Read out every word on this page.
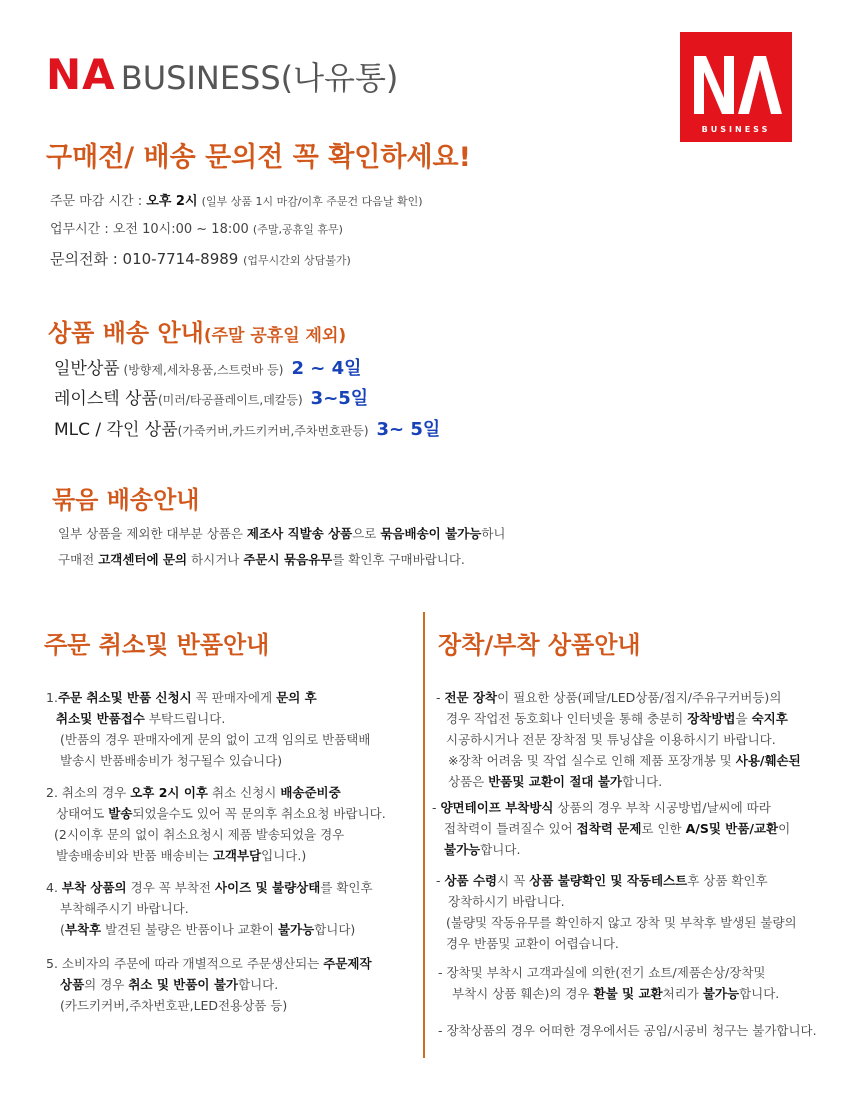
NA BUSINESS(나유통)
BUSINESS
구매전/ 배송 문의전 꼭 확인하세요!
주문 마감 시간 : 오후 2시 (일부 상품 1시 마감/이후 주문건 다음날 확인)
업무시간 : 오전 10시:00 ~ 18:00 (주말,공휴일 휴무)
문의전화 : 010-7714-8989 (업무시간외 상담불가)
상품 배송 안내(주말 공휴일 제외)
일반상품 (방향제,세차용품,스트럿바 등) 2 ~ 4일
레이스텍 상품(미러/타공플레이트,데칼등) 3~5일
MLC / 각인 상품(가죽커버,카드키커버,주차번호판등) 3~ 5일
묶음 배송안내
일부 상품을 제외한 대부분 상품은 제조사 직발송 상품으로 묶음배송이 불가능하니
구매전 고객센터에 문의 하시거나 주문시 묶음유무를 확인후 구매바랍니다.
주문 취소및 반품안내
1.주문 취소및 반품 신청시 꼭 판매자에게 문의 후
취소및 반품접수 부탁드립니다.
(반품의 경우 판매자에게 문의 없이 고객 임의로 반품택배
발송시 반품배송비가 청구될수 있습니다)
2. 취소의 경우 오후 2시 이후 취소 신청시 배송준비중
상태여도 발송되었을수도 있어 꼭 문의후 취소요청 바랍니다.
(2시이후 문의 없이 취소요청시 제품 발송되었을 경우
발송배송비와 반품 배송비는 고객부담입니다.)
4. 부착 상품의 경우 꼭 부착전 사이즈 및 불량상태를 확인후
부착해주시기 바랍니다.
(부착후 발견된 불량은 반품이나 교환이 불가능합니다)
5. 소비자의 주문에 따라 개별적으로 주문생산되는 주문제작
상품의 경우 취소 및 반품이 불가합니다.
(카드키커버,주차번호판,LED전용상품 등)
장착/부착 상품안내
- 전문 장착이 필요한 상품(페달/LED상품/접지/주유구커버등)의
경우 작업전 동호회나 인터넷을 통해 충분히 장착방법을 숙지후
시공하시거나 전문 장착점 및 튜닝샵을 이용하시기 바랍니다.
※장착 어려움 및 작업 실수로 인해 제품 포장개봉 및 사용/훼손된
상품은 반품및 교환이 절대 불가합니다.
- 양면테이프 부착방식 상품의 경우 부착 시공방법/날씨에 따라
접착력이 틀려질수 있어 접착력 문제로 인한 A/S및 반품/교환이
불가능합니다.
- 상품 수령시 꼭 상품 불량확인 및 작동테스트후 상품 확인후
장착하시기 바랍니다.
(불량및 작동유무를 확인하지 않고 장착 및 부착후 발생된 불량의
경우 반품및 교환이 어렵습니다.
- 장착및 부착시 고객과실에 의한(전기 쇼트/제품손상/장착및
부착시 상품 훼손)의 경우 환불 및 교환처리가 불가능합니다.
- 장착상품의 경우 어떠한 경우에서든 공임/시공비 청구는 불가합니다.
